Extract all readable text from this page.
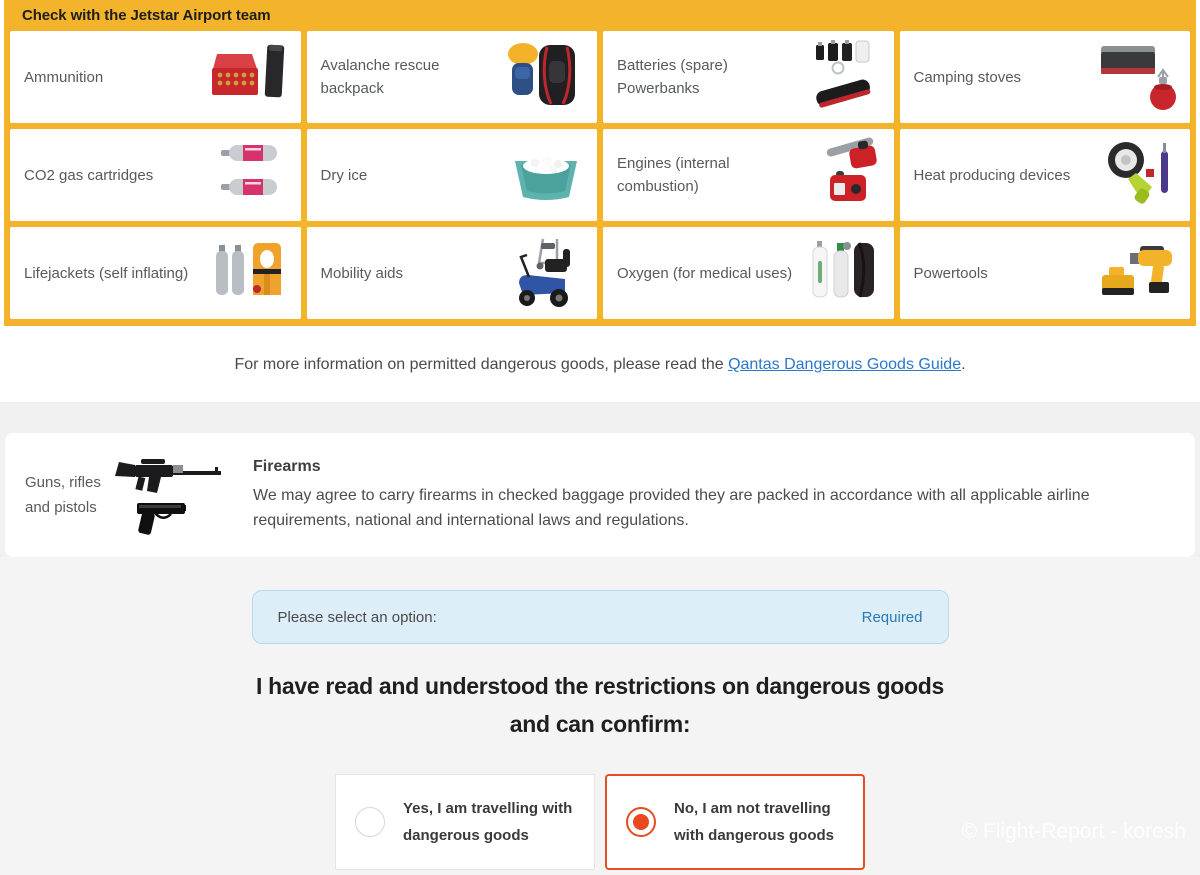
Check with the Jetstar Airport team
Ammunition
Avalanche rescue backpack
Batteries (spare)
Powerbanks
Camping stoves
CO2 gas cartridges	Dry ice
Engines (internal combustion)
Heat producing devices
Lifejackets (self inflating)	Mobility aids	Oxygen (for medical uses)	Powertools
For more information on permitted dangerous goods, please read the Qantas Dangerous Goods Guide.
Guns, rifles
and pistols
Firearms
We may agree to carry firearms in checked baggage provided they are packed in accordance with all applicable airline requirements, national and international laws and regulations.
Please select an option:	Required
I have read and understood the restrictions on dangerous goods
and can confirm:
Yes, I am travelling with
dangerous goods
No, I am not travelling
with dangerous goods	© Flight-Report - koresh
